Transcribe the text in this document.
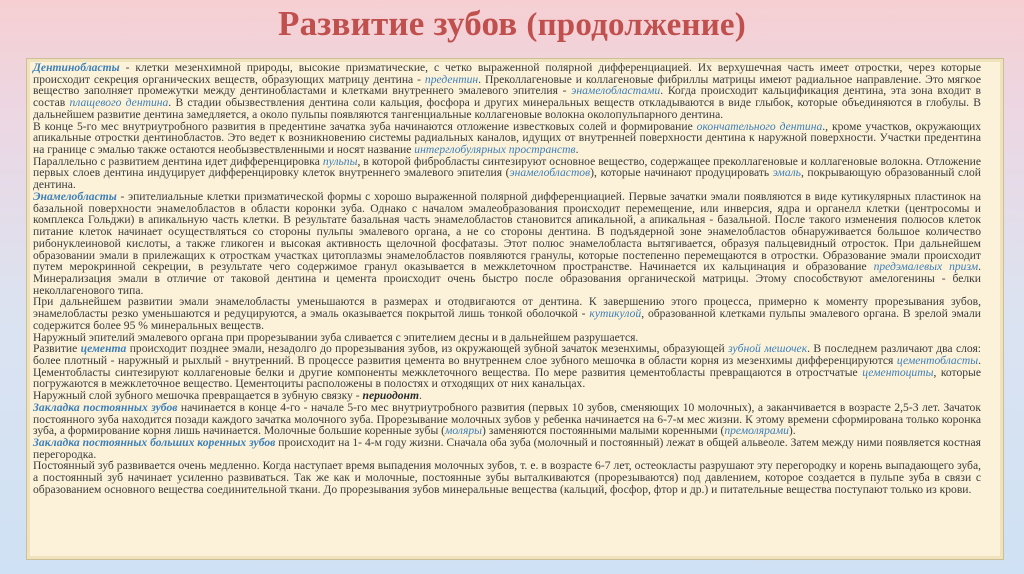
Развитие зубов (продолжение)
Дентинобласты - клетки мезенхимной природы, высокие призматические, с четко выраженной полярной дифференциацией. Их верхушечная часть имеет отростки, через которые происходит секреция органических веществ, образующих матрицу дентина - предентин. Преколлагеновые и коллагеновые фибриллы матрицы имеют радиальное направление. Это мягкое вещество заполняет промежутки между дентинобластами и клетками внутреннего эмалевого эпителия - энамелобластами. Когда происходит кальцификация дентина, эта зона входит в состав плащевого дентина. В стадии обызвествления дентина соли кальция, фосфора и других минеральных веществ откладываются в виде глыбок, которые объединяются в глобулы. В дальнейшем развитие дентина замедляется, а около пульпы появляются тангенциальные коллагеновые волокна околопульпарного дентина.
В конце 5-го мес внутриутробного развития в предентине зачатка зуба начинаются отложение известковых солей и формирование окончательного дентина., кроме участков, окружающих апикальные отростки дентинобластов. Это ведет к возникновению системы радиальных каналов, идущих от внутренней поверхности дентина к наружной поверхности. Участки предентина на границе с эмалью также остаются необызвествленными и носят название интерглобулярных пространств.
Параллельно с развитием дентина идет дифференцировка пульпы, в которой фибробласты синтезируют основное вещество, содержащее преколлагеновые и коллагеновые волокна. Отложение первых слоев дентина индуцирует дифференцировку клеток внутреннего эмалевого эпителия (энамелобластов), которые начинают продуцировать эмаль, покрывающую образованный слой дентина.
Энамелобласты - эпителиальные клетки призматической формы с хорошо выраженной полярной дифференциацией. Первые зачатки эмали появляются в виде кутикулярных пластинок на базальной поверхности энамелобластов в области коронки зуба. Однако с началом эмалеобразования происходит перемещение, или инверсия, ядра и органелл клетки (центросомы и комплекса Гольджи) в апикальную часть клетки. В результате базальная часть энамелобластов становится апикальной, а апикальная - базальной. После такого изменения полюсов клеток питание клеток начинает осуществляться со стороны пульпы эмалевого органа, а не со стороны дентина. В подъядерной зоне энамелобластов обнаруживается большое количество рибонуклеиновой кислоты, а также гликоген и высокая активность щелочной фосфатазы. Этот полюс энамелобласта вытягивается, образуя пальцевидный отросток. При дальнейшем образовании эмали в прилежащих к отросткам участках цитоплазмы энамелобластов появляются гранулы, которые постепенно перемещаются в отростки. Образование эмали происходит путем мерокринной секреции, в результате чего содержимое гранул оказывается в межклеточном пространстве. Начинается их кальцинация и образование предэмалевых призм. Минерализация эмали в отличие от таковой дентина и цемента происходит очень быстро после образования органической матрицы. Этому способствуют амелогенины - белки неколлагенового типа.
При дальнейшем развитии эмали энамелобласты уменьшаются в размерах и отодвигаются от дентина. К завершению этого процесса, примерно к моменту прорезывания зубов, энамелобласты резко уменьшаются и редуцируются, а эмаль оказывается покрытой лишь тонкой оболочкой - кутикулой, образованной клетками пульпы эмалевого органа. В зрелой эмали содержится более 95 % минеральных веществ.
Наружный эпителий эмалевого органа при прорезывании зуба сливается с эпителием десны и в дальнейшем разрушается.
Развитие цемента происходит позднее эмали, незадолго до прорезывания зубов, из окружающей зубной зачаток мезенхимы, образующей зубной мешочек. В последнем различают два слоя: более плотный - наружный и рыхлый - внутренний. В процессе развития цемента во внутреннем слое зубного мешочка в области корня из мезенхимы дифференцируются цементобласты. Цементобласты синтезируют коллагеновые белки и другие компоненты межклеточного вещества. По мере развития цементобласты превращаются в отростчатые цементоциты, которые погружаются в межклеточное вещество. Цементоциты расположены в полостях и отходящих от них канальцах.
Наружный слой зубного мешочка превращается в зубную связку - периодонт.
Закладка постоянных зубов начинается в конце 4-го - начале 5-го мес внутриутробного развития (первых 10 зубов, сменяющих 10 молочных), а заканчивается в возрасте 2,5-3 лет. Зачаток постоянного зуба находится позади каждого зачатка молочного зуба. Прорезывание молочных зубов у ребенка начинается на 6-7-м мес жизни. К этому времени сформирована только коронка зуба, а формирование корня лишь начинается. Молочные большие коренные зубы (моляры) заменяются постоянными малыми коренными (премолярами).
Закладка постоянных больших коренных зубов происходит на 1- 4-м году жизни. Сначала оба зуба (молочный и постоянный) лежат в общей альвеоле. Затем между ними появляется костная перегородка.
Постоянный зуб развивается очень медленно. Когда наступает время выпадения молочных зубов, т. е. в возрасте 6-7 лет, остеокласты разрушают эту перегородку и корень выпадающего зуба, а постоянный зуб начинает усиленно развиваться. Так же как и молочные, постоянные зубы выталкиваются (прорезываются) под давлением, которое создается в пульпе зуба в связи с образованием основного вещества соединительной ткани. До прорезывания зубов минеральные вещества (кальций, фосфор, фтор и др.) и питательные вещества поступают только из крови.
